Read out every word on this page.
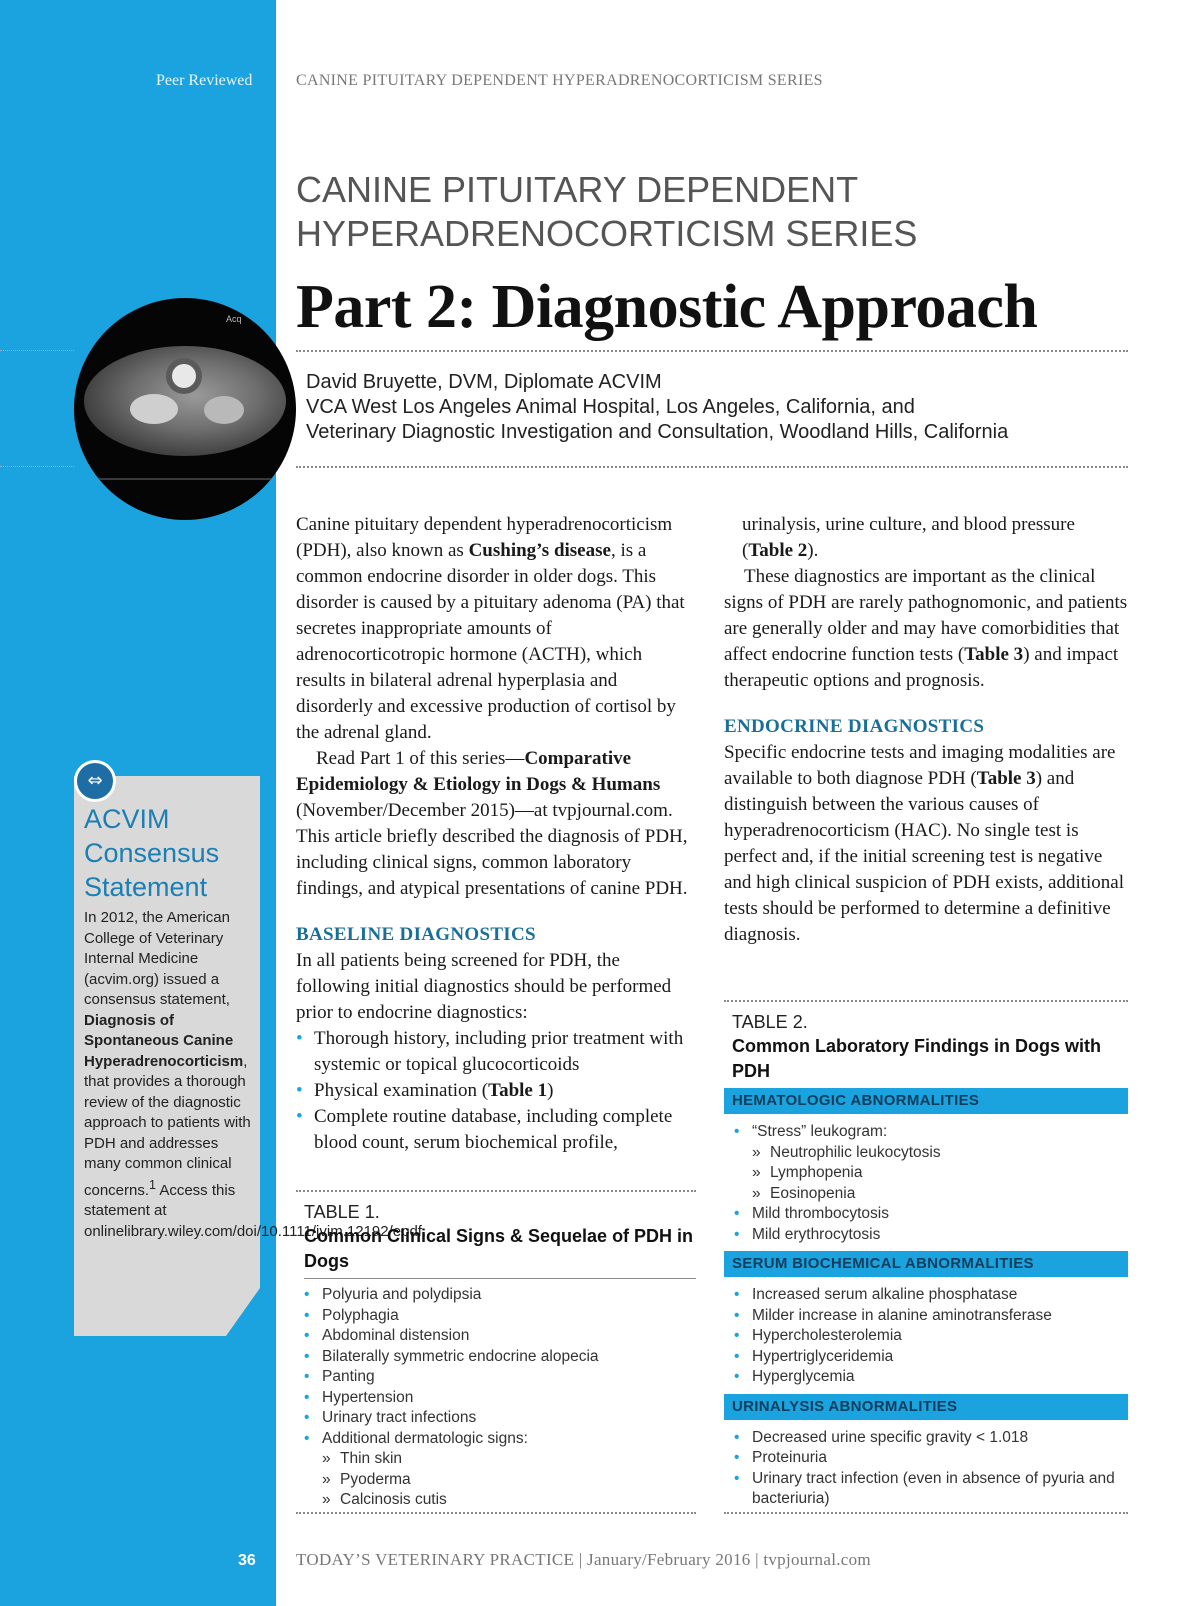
Peer Reviewed	CANINE PITUITARY DEPENDENT HYPERADRENOCORTICISM SERIES
CANINE PITUITARY DEPENDENT
HYPERADRENOCORTICISM SERIES
Part 2: Diagnostic Approach
David Bruyette, DVM, Diplomate ACVIM
VCA West Los Angeles Animal Hospital, Los Angeles, California, and
Veterinary Diagnostic Investigation and Consultation, Woodland Hills, California
Acq

Canine pituitary dependent hyperadrenocorticism (PDH), also known as Cushing’s disease, is a common endocrine disorder in older dogs. This disorder is caused by a pituitary adenoma (PA) that secretes inappropriate amounts of adrenocorticotropic hormone (ACTH), which results in bilateral adrenal hyperplasia and disorderly and excessive production of cortisol by the adrenal gland.

Read Part 1 of this series—Comparative Epidemiology & Etiology in Dogs & Humans (November/December 2015)—at tvpjournal.com. This article briefly described the diagnosis of PDH, including clinical signs, common laboratory findings, and atypical presentations of canine PDH.

BASELINE DIAGNOSTICS

In all patients being screened for PDH, the following initial diagnostics should be performed prior to endocrine diagnostics:

• Thorough history, including prior treatment with systemic or topical glucocorticoids
• Physical examination (Table 1)
• Complete routine database, including complete blood count, serum biochemical profile,

urinalysis, urine culture, and blood pressure (Table 2).

These diagnostics are important as the clinical signs of PDH are rarely pathognomonic, and patients are generally older and may have comorbidities that affect endocrine function tests (Table 3) and impact therapeutic options and prognosis.

ENDOCRINE DIAGNOSTICS

Specific endocrine tests and imaging modalities are available to both diagnose PDH (Table 3) and distinguish between the various causes of hyperadrenocorticism (HAC). No single test is perfect and, if the initial screening test is negative and high clinical suspicion of PDH exists, additional tests should be performed to determine a definitive diagnosis.

⇔
ACVIM Consensus Statement
In 2012, the American College of Veterinary Internal Medicine (acvim.org) issued a consensus statement, Diagnosis of Spontaneous Canine Hyperadrenocorticism, that provides a thorough review of the diagnostic approach to patients with PDH and addresses many common clinical concerns.$^1$ Access this statement at onlinelibrary.wiley.com/doi/10.1111/jvim.12192/epdf.
TABLE 1.
Common Clinical Signs & Sequelae of PDH in Dogs
• Polyuria and polydipsia
• Polyphagia
• Abdominal distension
• Bilaterally symmetric endocrine alopecia
• Panting
• Hypertension
• Urinary tract infections
• Additional dermatologic signs:
» Thin skin
» Pyoderma
» Calcinosis cutis
TABLE 2.
Common Laboratory Findings in Dogs with PDH
HEMATOLOGIC ABNORMALITIES
• “Stress” leukogram:
» Neutrophilic leukocytosis
» Lymphopenia
» Eosinopenia
• Mild thrombocytosis
• Mild erythrocytosis
SERUM BIOCHEMICAL ABNORMALITIES
• Increased serum alkaline phosphatase
• Milder increase in alanine aminotransferase
• Hypercholesterolemia
• Hypertriglyceridemia
• Hyperglycemia
URINALYSIS ABNORMALITIES
• Decreased urine specific gravity < 1.018
• Proteinuria
• Urinary tract infection (even in absence of pyuria and bacteriuria)
36 TODAY’S VETERINARY PRACTICE | January/February 2016 | tvpjournal.com
